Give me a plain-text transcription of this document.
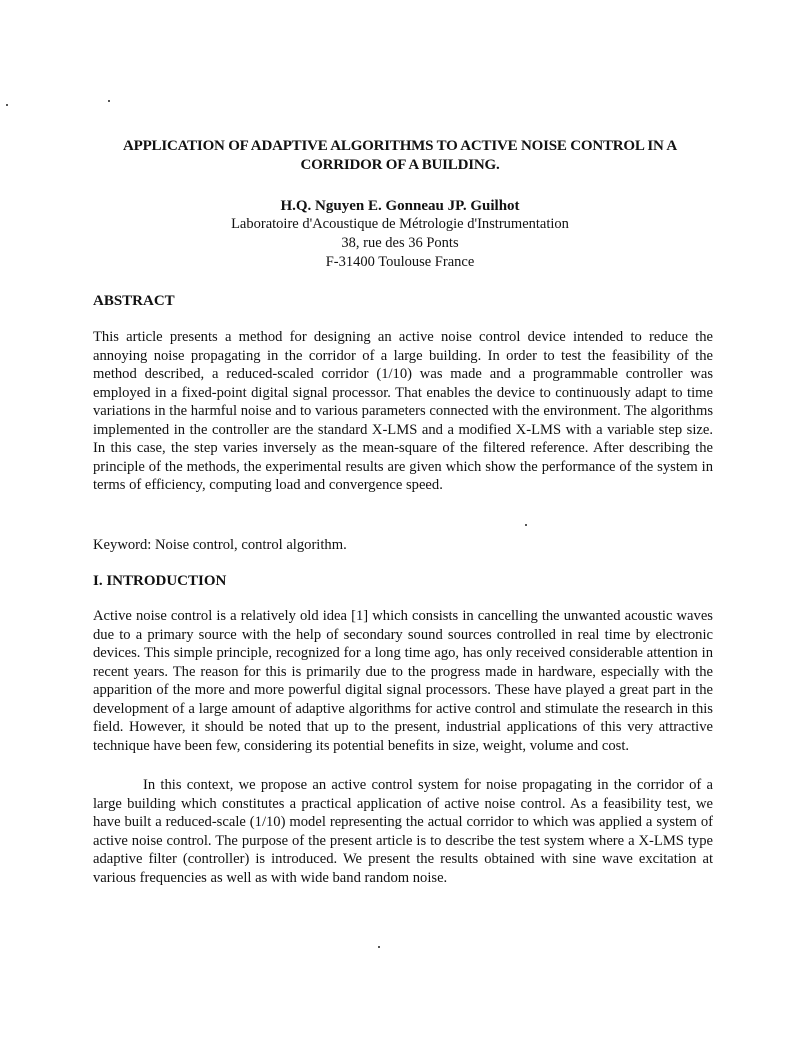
APPLICATION OF ADAPTIVE ALGORITHMS TO ACTIVE NOISE CONTROL IN A CORRIDOR OF A BUILDING.
H.Q. Nguyen E. Gonneau JP. Guilhot
Laboratoire d'Acoustique de Métrologie d'Instrumentation
38, rue des 36 Ponts
F-31400 Toulouse France
ABSTRACT
This article presents a method for designing an active noise control device intended to reduce the annoying noise propagating in the corridor of a large building. In order to test the feasibility of the method described, a reduced-scaled corridor (1/10) was made and a programmable controller was employed in a fixed-point digital signal processor. That enables the device to continuously adapt to time variations in the harmful noise and to various parameters connected with the environment. The algorithms implemented in the controller are the standard X-LMS and a modified X-LMS with a variable step size. In this case, the step varies inversely as the mean-square of the filtered reference. After describing the principle of the methods, the experimental results are given which show the performance of the system in terms of efficiency, computing load and convergence speed.
Keyword: Noise control, control algorithm.
I. INTRODUCTION
Active noise control is a relatively old idea [1] which consists in cancelling the unwanted acoustic waves due to a primary source with the help of secondary sound sources controlled in real time by electronic devices. This simple principle, recognized for a long time ago, has only received considerable attention in recent years. The reason for this is primarily due to the progress made in hardware, especially with the apparition of the more and more powerful digital signal processors. These have played a great part in the development of a large amount of adaptive algorithms for active control and stimulate the research in this field. However, it should be noted that up to the present, industrial applications of this very attractive technique have been few, considering its potential benefits in size, weight, volume and cost.
In this context, we propose an active control system for noise propagating in the corridor of a large building which constitutes a practical application of active noise control. As a feasibility test, we have built a reduced-scale (1/10) model representing the actual corridor to which was applied a system of active noise control. The purpose of the present article is to describe the test system where a X-LMS type adaptive filter (controller) is introduced. We present the results obtained with sine wave excitation at various frequencies as well as with wide band random noise.
